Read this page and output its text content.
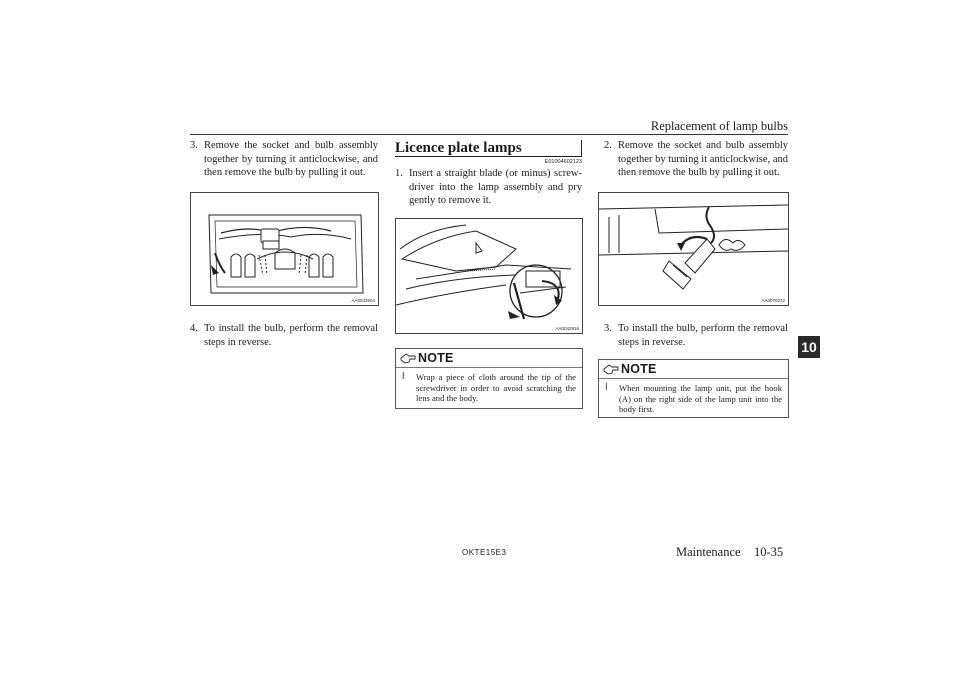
Replacement of lamp bulbs
3. Remove the socket and bulb assembly together by turning it anticlockwise, and then remove the bulb by pulling it out.
AA0043504
4. To install the bulb, perform the removal steps in reverse.
Licence plate lamps
E01004602123
1. Insert a straight blade (or minus) screw-driver into the lamp assembly and pry gently to remove it.
AA0042916
NOTE
l Wrap a piece of cloth around the tip of the screwdriver in order to avoid scratching the lens and the body.
2. Remove the socket and bulb assembly together by turning it anticlockwise, and then remove the bulb by pulling it out.
AA0070272
3. To install the bulb, perform the removal steps in reverse.
NOTE
l When mounting the lamp unit, put the hook (A) on the right side of the lamp unit into the body first.
10
OKTE15E3	Maintenance 10-35
